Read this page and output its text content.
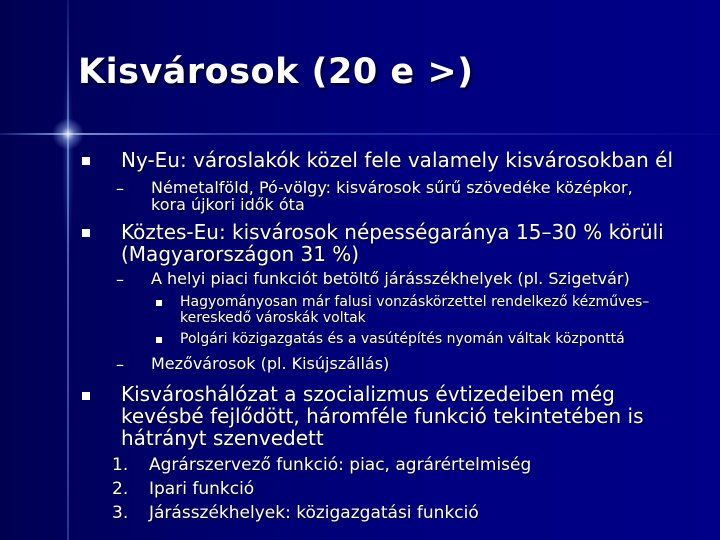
Kisvárosok (20 e >)
Ny-Eu: városlakók közel fele valamely kisvárosokban él
– Németalföld, Pó-völgy: kisvárosok sűrű szövedéke középkor,
kora újkori idők óta
Köztes-Eu: kisvárosok népességaránya 15–30 % körüli
(Magyarországon 31 %)
– A helyi piaci funkciót betöltő járásszékhelyek (pl. Szigetvár)
Hagyományosan már falusi vonzáskörzettel rendelkező kézműves–
kereskedő városkák voltak
Polgári közigazgatás és a vasútépítés nyomán váltak központtá
– Mezővárosok (pl. Kisújszállás)
Kisvároshálózat a szocializmus évtizedeiben még
kevésbé fejlődött, háromféle funkció tekintetében is
hátrányt szenvedett
1. Agrárszervező funkció: piac, agrárértelmiség
2. Ipari funkció
3. Járásszékhelyek: közigazgatási funkció
